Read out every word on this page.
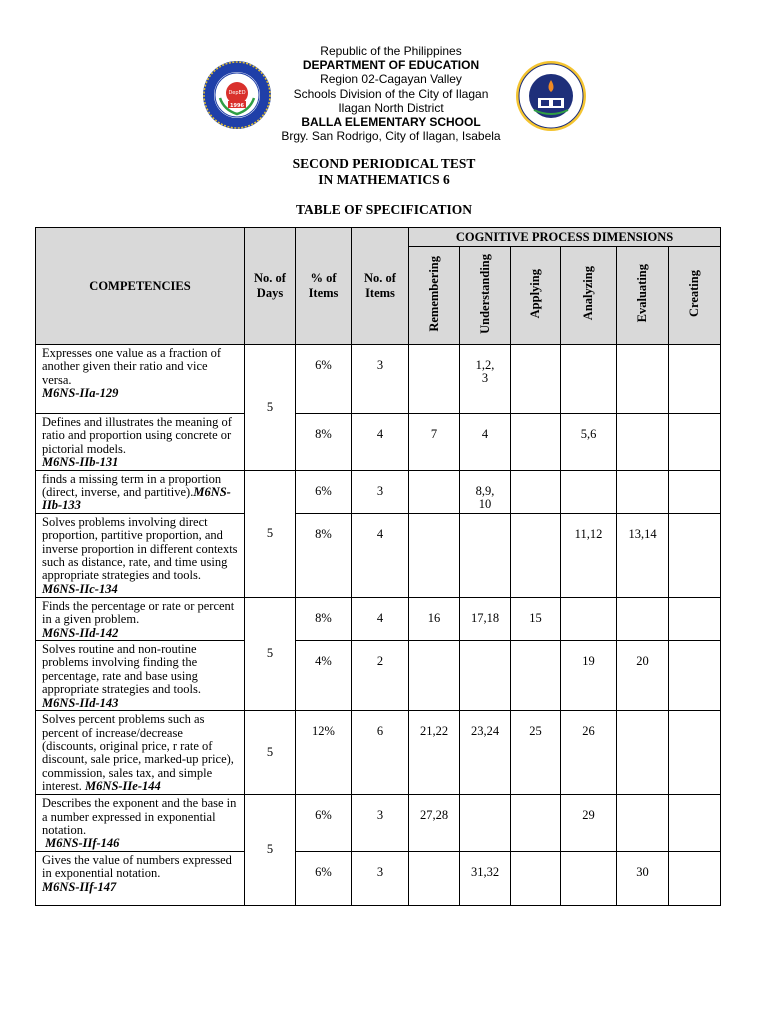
DepED
1996
Republic of the Philippines
DEPARTMENT OF EDUCATION
Region 02-Cagayan Valley
Schools Division of the City of Ilagan
Ilagan North District
BALLA ELEMENTARY SCHOOL
Brgy. San Rodrigo, City of Ilagan, Isabela
SECOND PERIODICAL TEST
IN MATHEMATICS 6
TABLE OF SPECIFICATION
COMPETENCIES	No. of Days	% of Items	No. of Items	COGNITIVE PROCESS DIMENSIONS					
				Remembering	Understanding	Applying	Analyzing	Evaluating	Creating
Expresses one value as a fraction of another given their ratio and vice versa.
M6NS-IIa-129	5	6%	3		1,2, 3				
Defines and illustrates the meaning of ratio and proportion using concrete or pictorial models.
M6NS-IIb-131		8%	4	7	4		5,6		
finds a missing term in a proportion (direct, inverse, and partitive).M6NS-IIb-133	5	6%	3		8,9, 10				
Solves problems involving direct proportion, partitive proportion, and inverse proportion in different contexts such as distance, rate, and time using appropriate strategies and tools. M6NS-IIc-134		8%	4				11,12	13,14	
Finds the percentage or rate or percent in a given problem.
M6NS-IId-142	5	8%	4	16	17,18	15			
Solves routine and non-routine problems involving finding the percentage, rate and base using appropriate strategies and tools.
M6NS-IId-143		4%	2				19	20	
Solves percent problems such as percent of increase/decrease (discounts, original price, r rate of discount, sale price, marked-up price), commission, sales tax, and simple interest. M6NS-IIe-144	5	12%	6	21,22	23,24	25	26		
Describes the exponent and the base in a number expressed in exponential notation.
M6NS-IIf-146	5	6%	3	27,28			29		
Gives the value of numbers expressed in exponential notation.
M6NS-IIf-147		6%	3		31,32			30	
